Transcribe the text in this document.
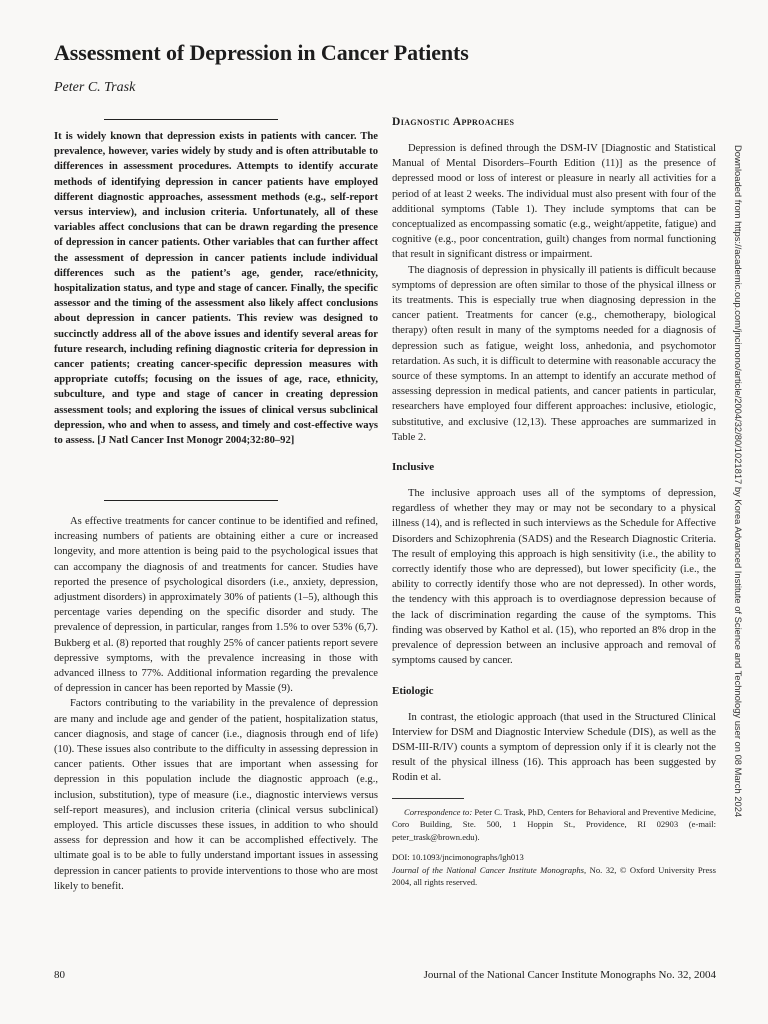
Assessment of Depression in Cancer Patients
Peter C. Trask

It is widely known that depression exists in patients with cancer. The prevalence, however, varies widely by study and is often attributable to differences in assessment procedures. Attempts to identify accurate methods of identifying depression in cancer patients have employed different diagnostic approaches, assessment methods (e.g., self-report versus interview), and inclusion criteria. Unfortunately, all of these variables affect conclusions that can be drawn regarding the presence of depression in cancer patients. Other variables that can further affect the assessment of depression in cancer patients include individual differences such as the patient’s age, gender, race/ethnicity, hospitalization status, and type and stage of cancer. Finally, the specific assessor and the timing of the assessment also likely affect conclusions about depression in cancer patients. This review was designed to succinctly address all of the above issues and identify several areas for future research, including refining diagnostic criteria for depression in cancer patients; creating cancer-specific depression measures with appropriate cutoffs; focusing on the issues of age, race, ethnicity, subculture, and type and stage of cancer in creating depression assessment tools; and exploring the issues of clinical versus subclinical depression, who and when to assess, and timely and cost-effective ways to assess. [J Natl Cancer Inst Monogr 2004;32:80–92]

As effective treatments for cancer continue to be identified and refined, increasing numbers of patients are obtaining either a cure or increased longevity, and more attention is being paid to the psychological issues that can accompany the diagnosis of and treatments for cancer. Studies have reported the presence of psychological disorders (i.e., anxiety, depression, adjustment disorders) in approximately 30% of patients (1–5), although this percentage varies depending on the specific disorder and study. The prevalence of depression, in particular, ranges from 1.5% to over 53% (6,7). Bukberg et al. (8) reported that roughly 25% of cancer patients report severe depressive symptoms, with the prevalence increasing in those with advanced illness to 77%. Additional information regarding the prevalence of depression in cancer has been reported by Massie (9).

Factors contributing to the variability in the prevalence of depression are many and include age and gender of the patient, hospitalization status, cancer diagnosis, and stage of cancer (i.e., diagnosis through end of life) (10). These issues also contribute to the difficulty in assessing depression in cancer patients. Other issues that are important when assessing for depression in this population include the diagnostic approach (e.g., inclusion, substitution), type of measure (i.e., diagnostic interviews versus self-report measures), and inclusion criteria (clinical versus subclinical) employed. This article discusses these issues, in addition to who should assess for depression and how it can be accomplished effectively. The ultimate goal is to be able to fully understand important issues in assessing depression in cancer patients to provide interventions to those who are most likely to benefit.

Diagnostic Approaches

Depression is defined through the DSM-IV [Diagnostic and Statistical Manual of Mental Disorders–Fourth Edition (11)] as the presence of depressed mood or loss of interest or pleasure in nearly all activities for a period of at least 2 weeks. The individual must also present with four of the additional symptoms (Table 1). They include symptoms that can be conceptualized as encompassing somatic (e.g., weight/appetite, fatigue) and cognitive (e.g., poor concentration, guilt) changes from normal functioning that result in significant distress or impairment.

The diagnosis of depression in physically ill patients is difficult because symptoms of depression are often similar to those of the physical illness or its treatments. This is especially true when diagnosing depression in the cancer patient. Treatments for cancer (e.g., chemotherapy, biological therapy) often result in many of the symptoms needed for a diagnosis of depression such as fatigue, weight loss, anhedonia, and psychomotor retardation. As such, it is difficult to determine with reasonable accuracy the source of these symptoms. In an attempt to identify an accurate method of assessing depression in medical patients, and cancer patients in particular, researchers have employed four different approaches: inclusive, etiologic, substitutive, and exclusive (12,13). These approaches are summarized in Table 2.

Inclusive

The inclusive approach uses all of the symptoms of depression, regardless of whether they may or may not be secondary to a physical illness (14), and is reflected in such interviews as the Schedule for Affective Disorders and Schizophrenia (SADS) and the Research Diagnostic Criteria. The result of employing this approach is high sensitivity (i.e., the ability to correctly identify those who are depressed), but lower specificity (i.e., the ability to correctly identify those who are not depressed). In other words, the tendency with this approach is to overdiagnose depression because of the lack of discrimination regarding the cause of the symptoms. This finding was observed by Kathol et al. (15), who reported an 8% drop in the prevalence of depression between an inclusive approach and removal of symptoms caused by cancer.

Etiologic

In contrast, the etiologic approach (that used in the Structured Clinical Interview for DSM and Diagnostic Interview Schedule (DIS), as well as the DSM-III-R/IV) counts a symptom of depression only if it is clearly not the result of the physical illness (16). This approach has been suggested by Rodin et al.

Correspondence to: Peter C. Trask, PhD, Centers for Behavioral and Preventive Medicine, Coro Building, Ste. 500, 1 Hoppin St., Providence, RI 02903 (e-mail: peter_trask@brown.edu).

DOI: 10.1093/jncimonographs/lgh013

Journal of the National Cancer Institute Monographs, No. 32, © Oxford University Press 2004, all rights reserved.

Downloaded from https://academic.oup.com/jncimono/article/2004/32/80/1021817 by Korea Advanced Institute of Science and Technology user on 08 March 2024
80	Journal of the National Cancer Institute Monographs No. 32, 2004
